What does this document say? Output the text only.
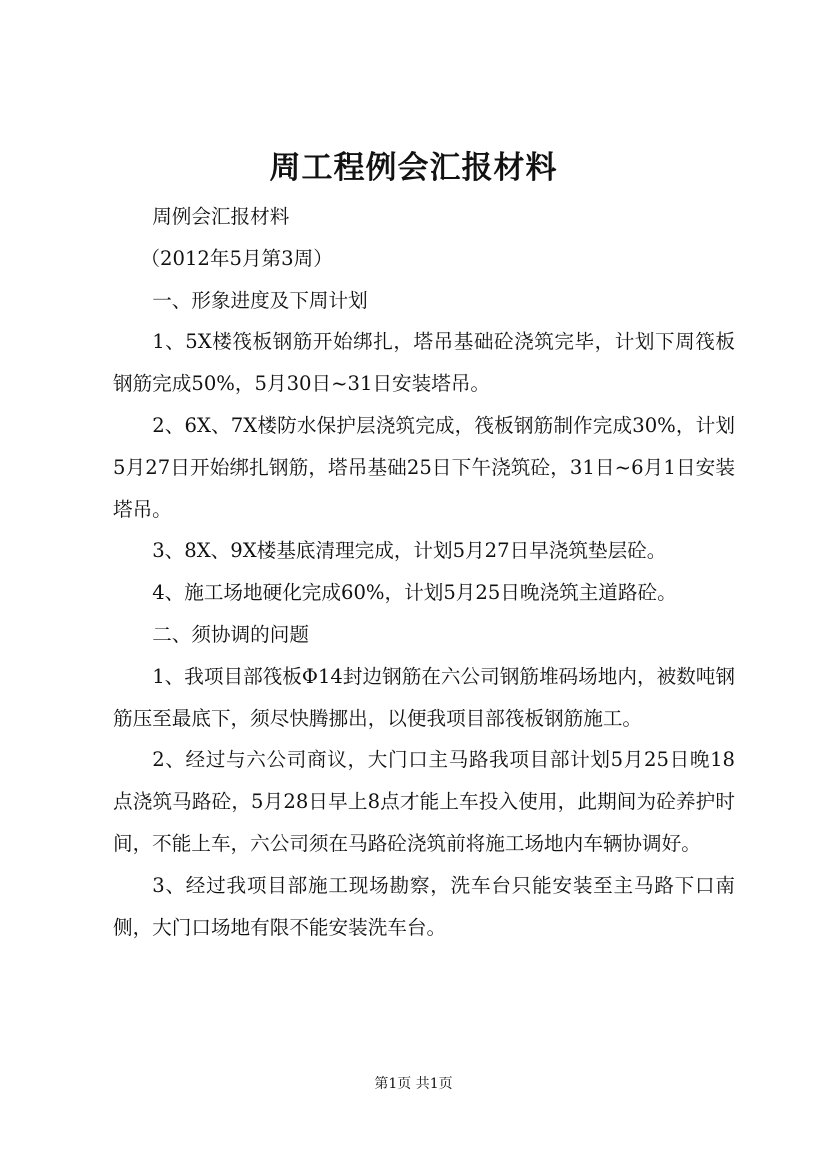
周工程例会汇报材料

周例会汇报材料

（2012年5月第3周）

一、形象进度及下周计划

1、5X楼筏板钢筋开始绑扎，塔吊基础砼浇筑完毕，计划下周筏板钢筋完成50%，5月30日~31日安装塔吊。

2、6X、7X楼防水保护层浇筑完成，筏板钢筋制作完成30%，计划5月27日开始绑扎钢筋，塔吊基础25日下午浇筑砼，31日~6月1日安装塔吊。

3、8X、9X楼基底清理完成，计划5月27日早浇筑垫层砼。

4、施工场地硬化完成60%，计划5月25日晚浇筑主道路砼。

二、须协调的问题

1、我项目部筏板Φ14封边钢筋在六公司钢筋堆码场地内，被数吨钢筋压至最底下，须尽快腾挪出，以便我项目部筏板钢筋施工。

2、经过与六公司商议，大门口主马路我项目部计划5月25日晚18点浇筑马路砼，5月28日早上8点才能上车投入使用，此期间为砼养护时间，不能上车，六公司须在马路砼浇筑前将施工场地内车辆协调好。

3、经过我项目部施工现场勘察，洗车台只能安装至主马路下口南侧，大门口场地有限不能安装洗车台。

第1页 共1页
